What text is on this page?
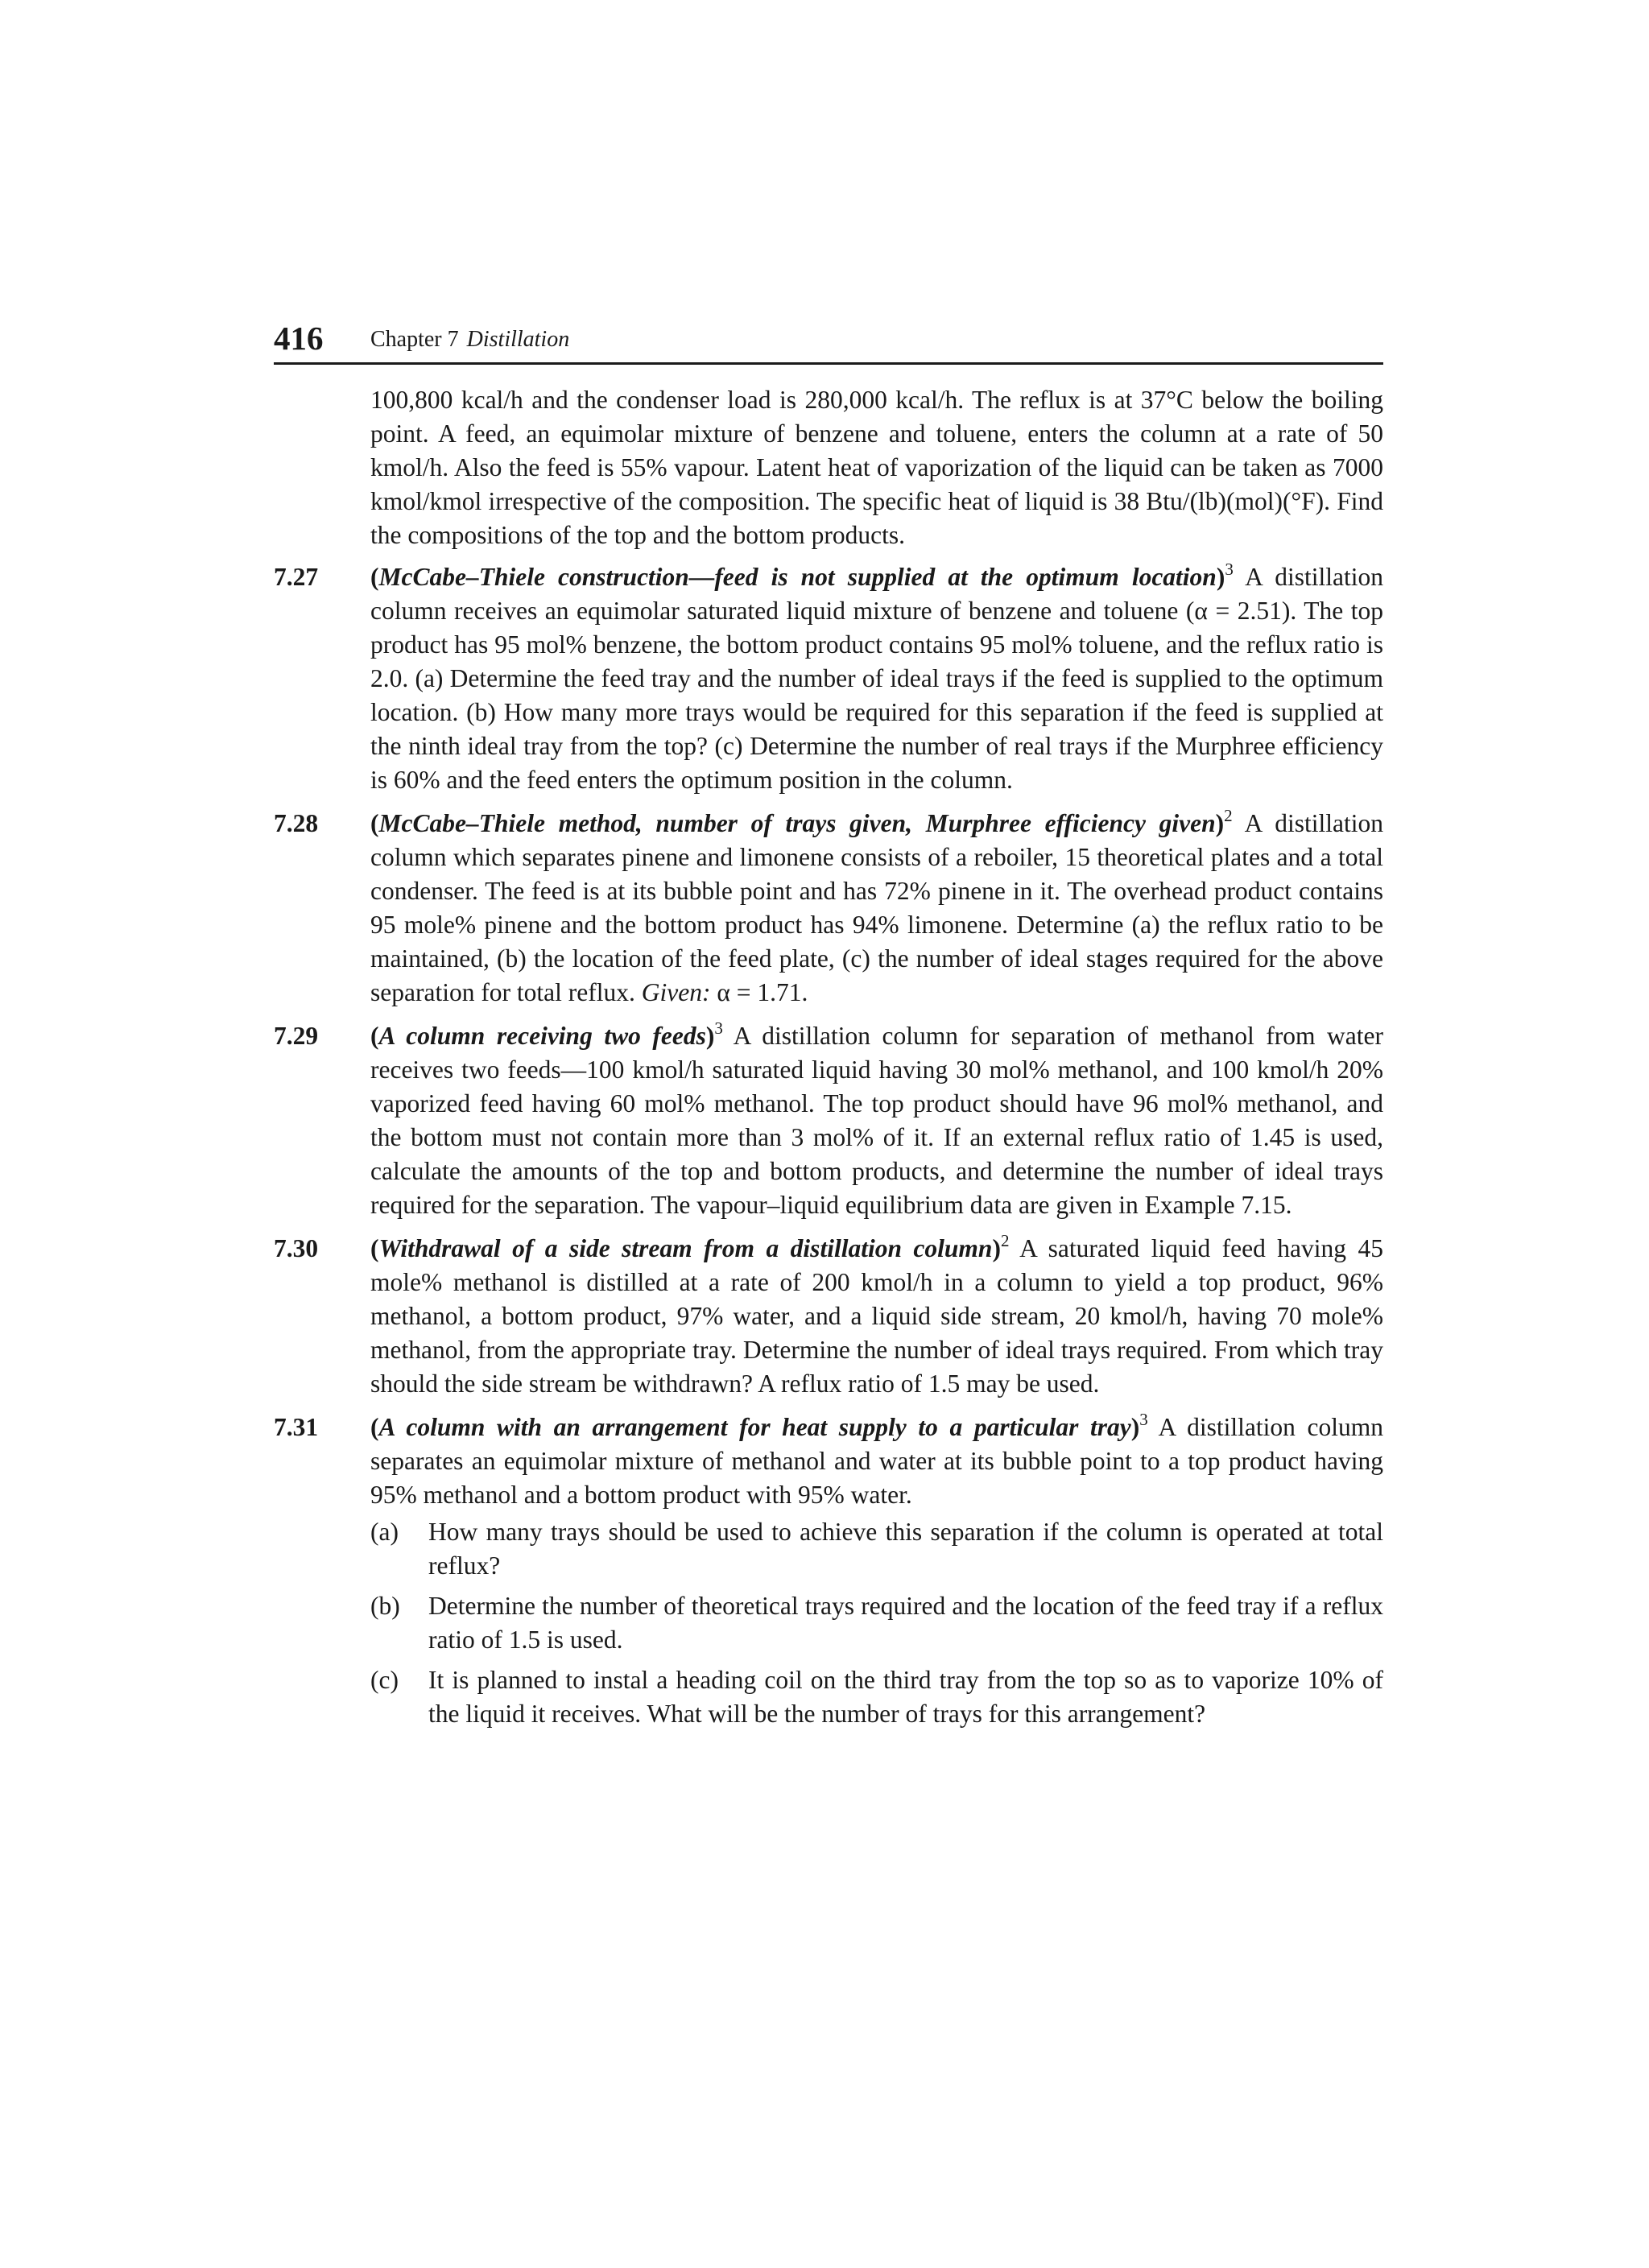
416 Chapter 7 Distillation

100,800 kcal/h and the condenser load is 280,000 kcal/h. The reflux is at 37°C below the boiling point. A feed, an equimolar mixture of benzene and toluene, enters the column at a rate of 50 kmol/h. Also the feed is 55% vapour. Latent heat of vaporization of the liquid can be taken as 7000 kmol/kmol irrespective of the composition. The specific heat of liquid is 38 Btu/(lb)(mol)(°F). Find the compositions of the top and the bottom products.

7.27 (McCabe–Thiele construction—feed is not supplied at the optimum location)$^3$ A distillation column receives an equimolar saturated liquid mixture of benzene and toluene (α = 2.51). The top product has 95 mol% benzene, the bottom product contains 95 mol% toluene, and the reflux ratio is 2.0. (a) Determine the feed tray and the number of ideal trays if the feed is supplied to the optimum location. (b) How many more trays would be required for this separation if the feed is supplied at the ninth ideal tray from the top? (c) Determine the number of real trays if the Murphree efficiency is 60% and the feed enters the optimum position in the column.
7.28 (McCabe–Thiele method, number of trays given, Murphree efficiency given)$^2$ A distillation column which separates pinene and limonene consists of a reboiler, 15 theoretical plates and a total condenser. The feed is at its bubble point and has 72% pinene in it. The overhead product contains 95 mole% pinene and the bottom product has 94% limonene. Determine (a) the reflux ratio to be maintained, (b) the location of the feed plate, (c) the number of ideal stages required for the above separation for total reflux. Given: α = 1.71.
7.29 (A column receiving two feeds)$^3$ A distillation column for separation of methanol from water receives two feeds—100 kmol/h saturated liquid having 30 mol% methanol, and 100 kmol/h 20% vaporized feed having 60 mol% methanol. The top product should have 96 mol% methanol, and the bottom must not contain more than 3 mol% of it. If an external reflux ratio of 1.45 is used, calculate the amounts of the top and bottom products, and determine the number of ideal trays required for the separation. The vapour–liquid equilibrium data are given in Example 7.15.
7.30 (Withdrawal of a side stream from a distillation column)$^2$ A saturated liquid feed having 45 mole% methanol is distilled at a rate of 200 kmol/h in a column to yield a top product, 96% methanol, a bottom product, 97% water, and a liquid side stream, 20 kmol/h, having 70 mole% methanol, from the appropriate tray. Determine the number of ideal trays required. From which tray should the side stream be withdrawn? A reflux ratio of 1.5 may be used.
7.31 (A column with an arrangement for heat supply to a particular tray)$^3$ A distillation column separates an equimolar mixture of methanol and water at its bubble point to a top product having 95% methanol and a bottom product with 95% water.
(a) How many trays should be used to achieve this separation if the column is operated at total reflux?
(b) Determine the number of theoretical trays required and the location of the feed tray if a reflux ratio of 1.5 is used.
(c) It is planned to instal a heading coil on the third tray from the top so as to vaporize 10% of the liquid it receives. What will be the number of trays for this arrangement?
